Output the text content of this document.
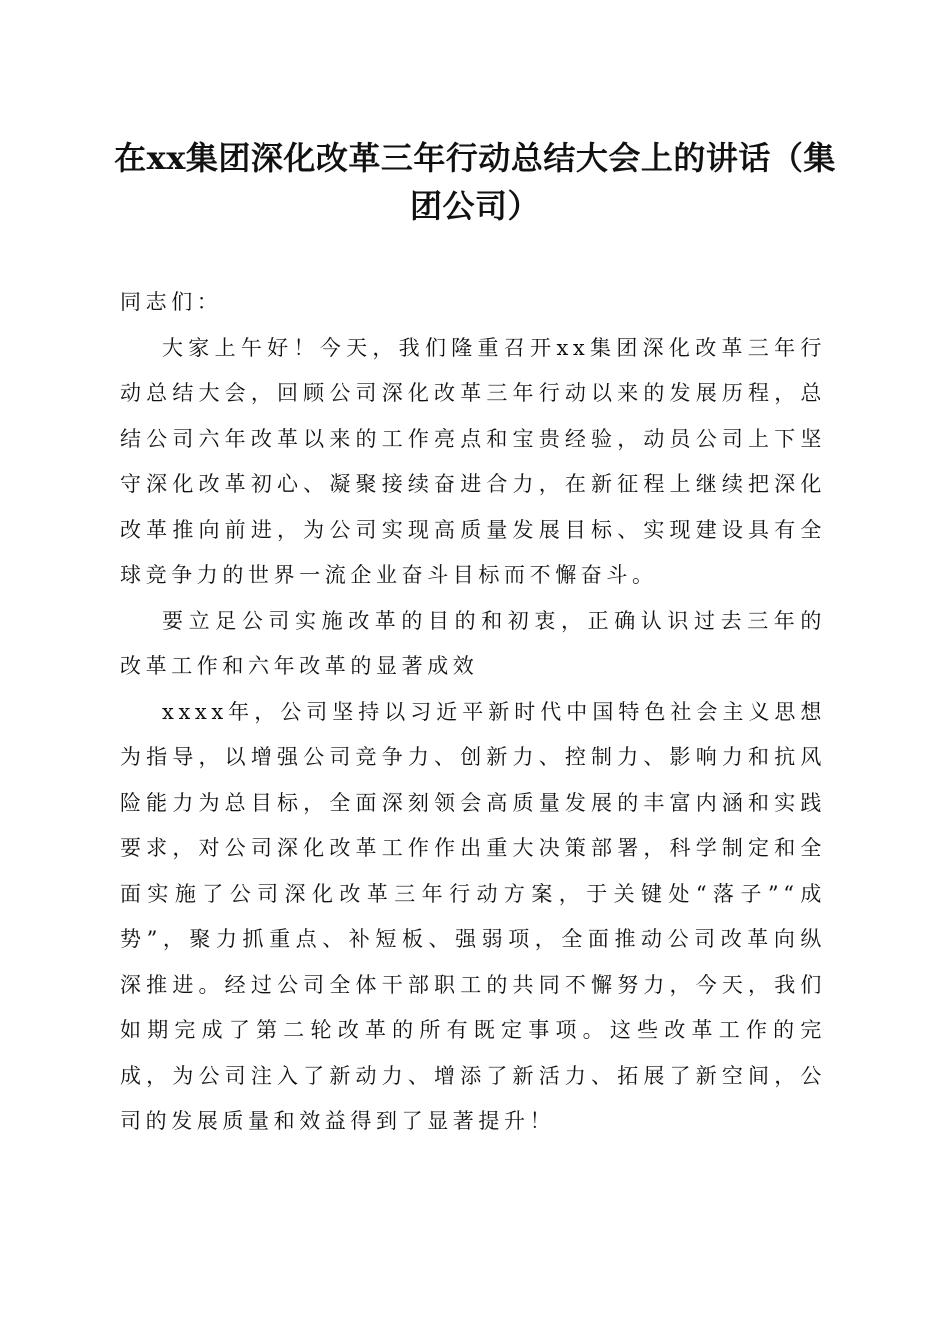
在xx集团深化改革三年行动总结大会上的讲话（集团公司）

同志们：

大家上午好！今天，我们隆重召开xx集团深化改革三年行动总结大会，回顾公司深化改革三年行动以来的发展历程，总结公司六年改革以来的工作亮点和宝贵经验，动员公司上下坚守深化改革初心、凝聚接续奋进合力，在新征程上继续把深化改革推向前进，为公司实现高质量发展目标、实现建设具有全球竞争力的世界一流企业奋斗目标而不懈奋斗。

要立足公司实施改革的目的和初衷，正确认识过去三年的改革工作和六年改革的显著成效

xxxx年，公司坚持以习近平新时代中国特色社会主义思想为指导，以增强公司竞争力、创新力、控制力、影响力和抗风险能力为总目标，全面深刻领会高质量发展的丰富内涵和实践要求，对公司深化改革工作作出重大决策部署，科学制定和全面实施了公司深化改革三年行动方案，于关键处“落子”“成势”，聚力抓重点、补短板、强弱项，全面推动公司改革向纵深推进。经过公司全体干部职工的共同不懈努力，今天，我们如期完成了第二轮改革的所有既定事项。这些改革工作的完成，为公司注入了新动力、增添了新活力、拓展了新空间，公司的发展质量和效益得到了显著提升！
